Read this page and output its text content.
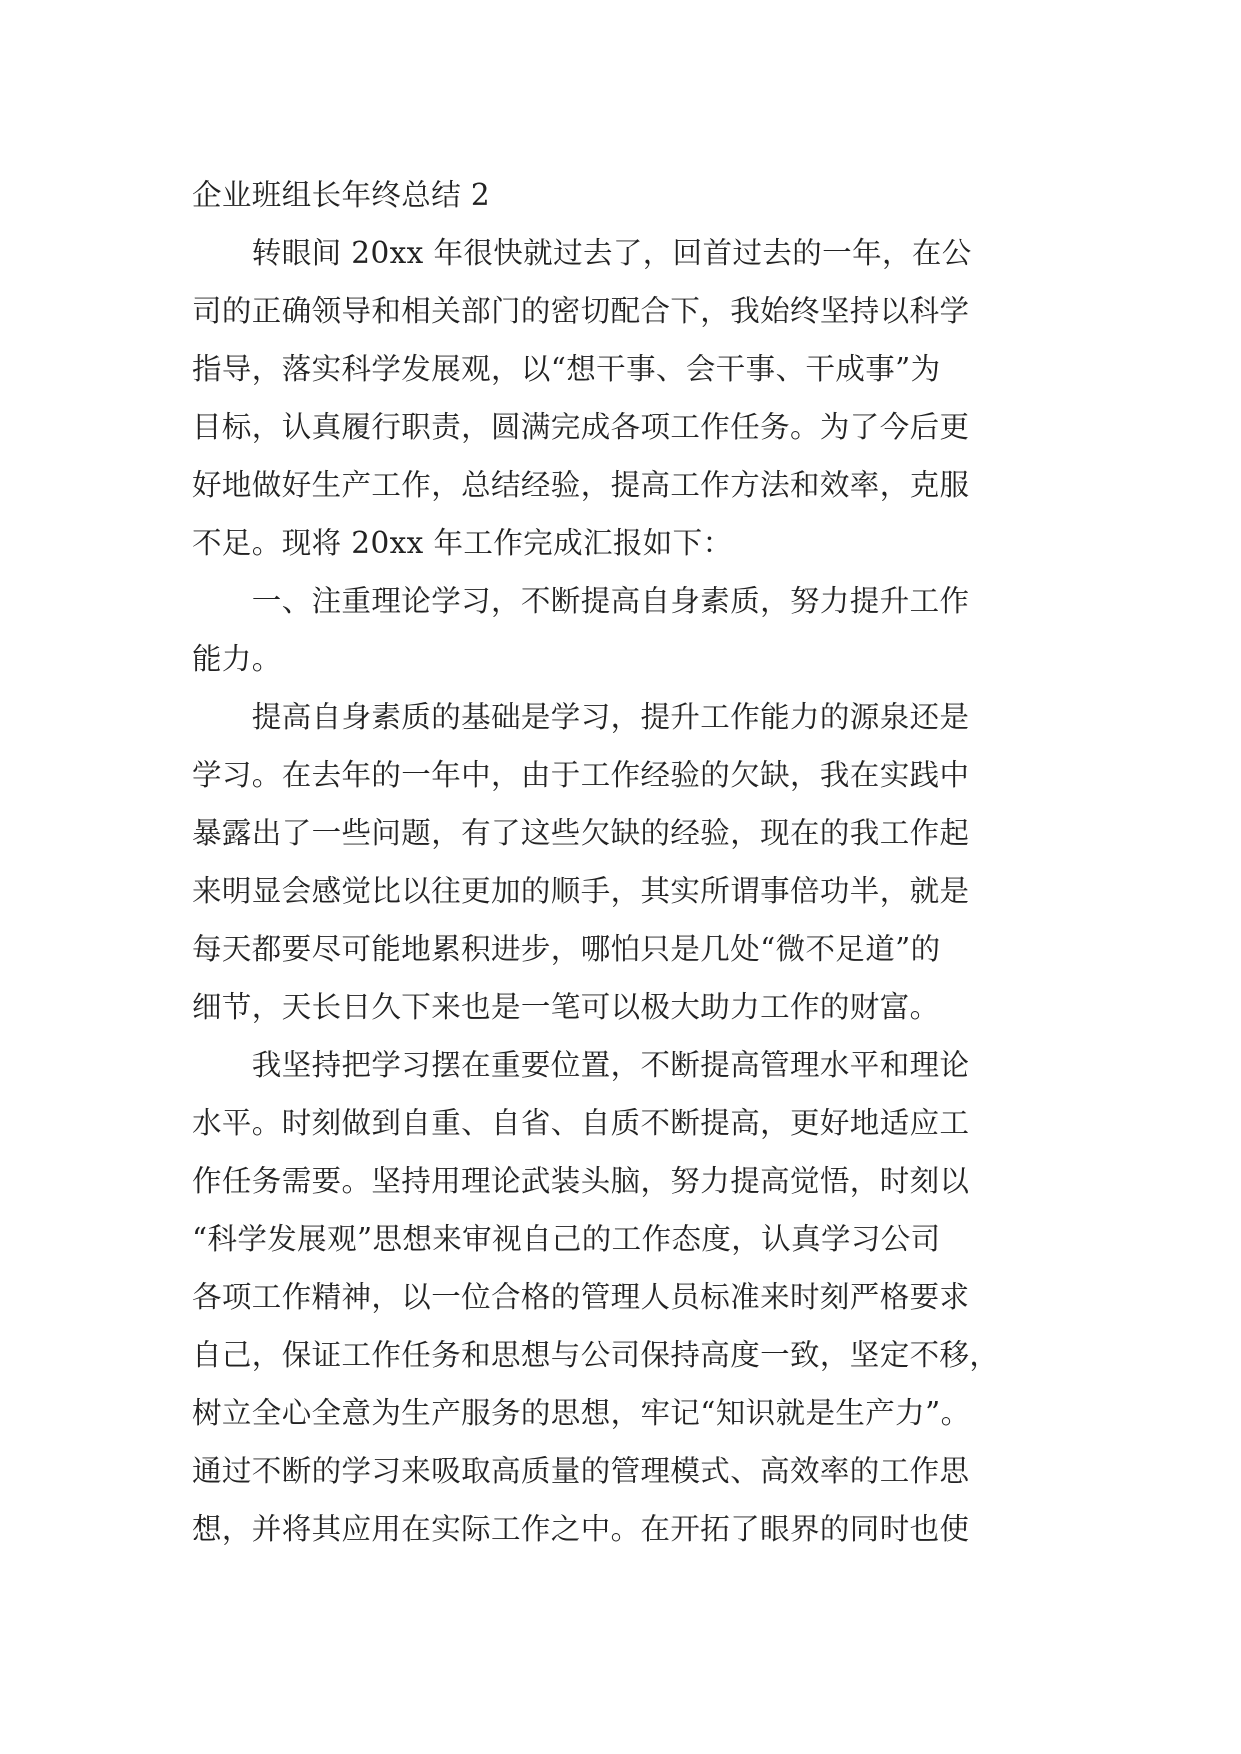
企业班组长年终总结 2
　　转眼间 20xx 年很快就过去了，回首过去的一年，在公
司的正确领导和相关部门的密切配合下，我始终坚持以科学
指导，落实科学发展观，以“想干事、会干事、干成事”为
目标，认真履行职责，圆满完成各项工作任务。为了今后更
好地做好生产工作，总结经验，提高工作方法和效率，克服
不足。现将 20xx 年工作完成汇报如下：
　　一、注重理论学习，不断提高自身素质，努力提升工作
能力。
　　提高自身素质的基础是学习，提升工作能力的源泉还是
学习。在去年的一年中，由于工作经验的欠缺，我在实践中
暴露出了一些问题，有了这些欠缺的经验，现在的我工作起
来明显会感觉比以往更加的顺手，其实所谓事倍功半，就是
每天都要尽可能地累积进步，哪怕只是几处“微不足道”的
细节，天长日久下来也是一笔可以极大助力工作的财富。
　　我坚持把学习摆在重要位置，不断提高管理水平和理论
水平。时刻做到自重、自省、自质不断提高，更好地适应工
作任务需要。坚持用理论武装头脑，努力提高觉悟，时刻以
“科学发展观”思想来审视自己的工作态度，认真学习公司
各项工作精神，以一位合格的管理人员标准来时刻严格要求
自己，保证工作任务和思想与公司保持高度一致，坚定不移，
树立全心全意为生产服务的思想，牢记“知识就是生产力”。
通过不断的学习来吸取高质量的管理模式、高效率的工作思
想，并将其应用在实际工作之中。在开拓了眼界的同时也使
